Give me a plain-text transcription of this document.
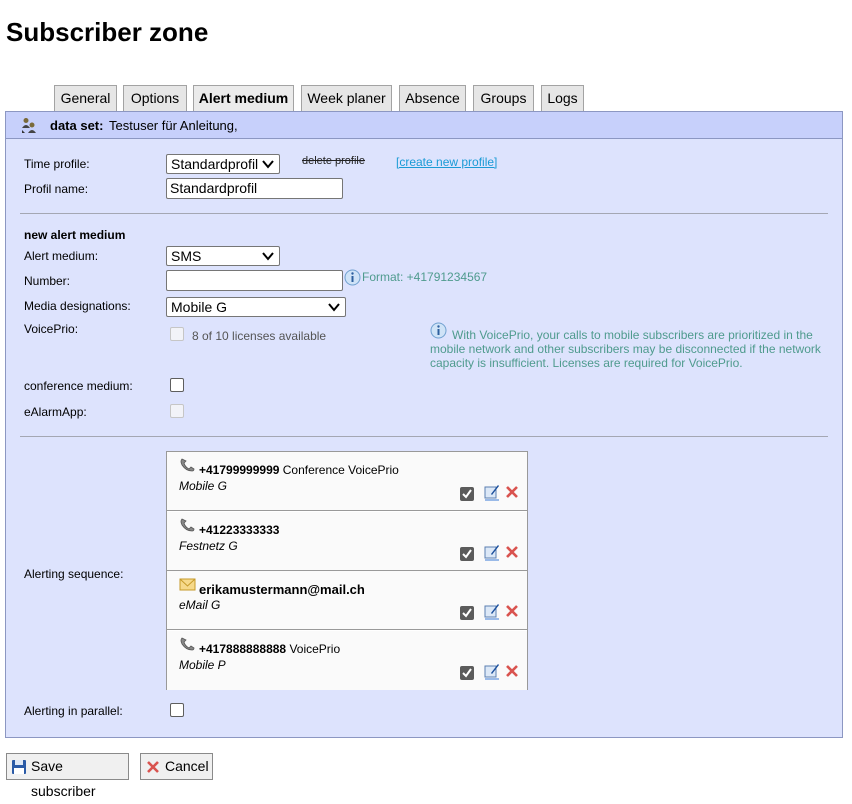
Subscriber zone
General	Options	Alert medium	Week planer	Absence	Groups	Logs
data set: Testuser für Anleitung,
Time profile:	Standardprofil	delete profile	[create new profile]
Profil name:	Standardprofil
new alert medium
Alert medium:	SMS
Number:	Format: +41791234567
Media designations:	Mobile G
VoicePrio:	8 of 10 licenses available	With VoicePrio, your calls to mobile subscribers are prioritized in the mobile network and other subscribers may be disconnected if the network capacity is insufficient. Licenses are required for VoicePrio.
conference medium:
eAlarmApp:
Alerting sequence:
+41799999999 Conference VoicePrio
Mobile G
+41223333333
Festnetz G
erikamustermann@mail.ch
eMail G
+417888888888 VoicePrio
Mobile P
Alerting in parallel:
Save subscriber
Cancel
